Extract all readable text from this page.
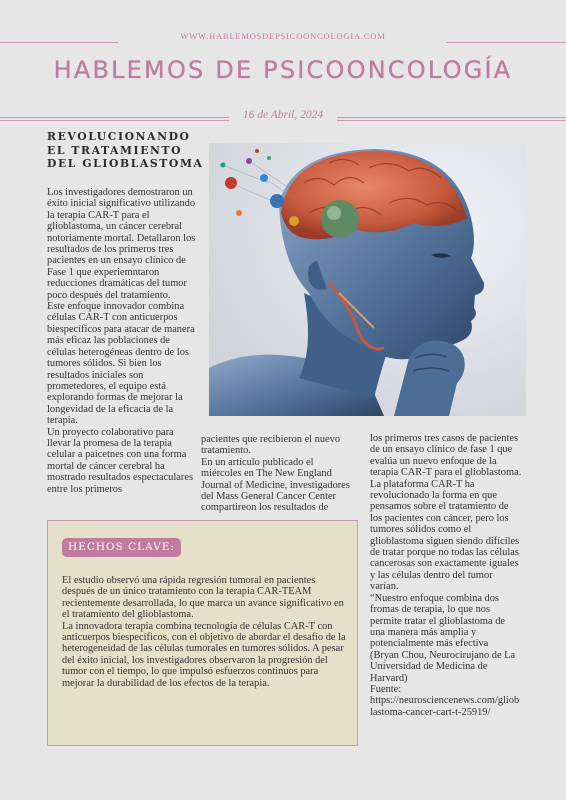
WWW.HABLEMOSDEPSICOONCOLOGIA.COM
HABLEMOS DE PSICOONCOLOGÍA
16 de Abril, 2024
REVOLUCIONANDO EL TRATAMIENTO DEL GLIOBLASTOMA

Los investigadores demostraron un éxito inicial significativo utilizando la terapia CAR-T para el glioblastoma, un cáncer cerebral notoriamente mortal. Detallaron los resultados de los primeros tres pacientes en un ensayo clínico de Fase 1 que experiemntaron reducciones dramáticas del tumor poco después del tratamiento.

Este enfoque innovador combina células CAR-T con anticuerpos biespecíficos para atacar de manera más eficaz las poblaciones de células heterogéneas dentro de los tumores sólidos. Si bien los resultados iniciales son prometedores, el equipo está explorando formas de mejorar la longevidad de la eficacia de la terapia.

Un proyecto colaborativo para llevar la promesa de la terapia celular a paicetnes con una forma mortal de cáncer cerebral ha mostrado resultados espectaculares entre los primeros

pacientes que recibieron el nuevo tratamiento.

En un artículo publicado el miércoles en The New England Journal of Medicine, investigadores del Mass General Cancer Center compartireon los resultados de

los primeros tres casos de pacientes de un ensayo clínico de fase 1 que evalúa un nuevo enfoque de la terapia CAR-T para el glioblastoma.

La plataforma CAR-T ha revolucionado la forma en que pensamos sobre el tratamiento de los pacientes con cáncer, pero los tumores sólidos como el glioblastoma siguen siendo difíciles de tratar porque no todas las células cancerosas son exactamente iguales y las células dentro del tumor varían.

“Nuestro enfoque combina dos fromas de terapia, lo que nos permite tratar el glioblastoma de una manera más amplia y potencialmente más efectiva

(Bryan Chou, Neurocirujano de La Universidad de Medicina de Harvard)

Fuente:

https://neurosciencenews.com/glioblastoma-cancer-cart-t-25919/

HECHOS CLAVE:

El estudio observó una rápida regresión tumoral en pacientes después de un único tratamiento con la terapia CAR-TEAM recientemente desarrollada, lo que marca un avance significativo en el tratamiento del glioblastoma.

La innovadora terapia combina tecnología de células CAR-T con anticuerpos biespecíficos, con el objetivo de abordar el desafío de la heterogeneidad de las células tumorales en tumores sólidos. A pesar del éxito inicial, los investigadores observaron la progresión del tumor con el tiempo, lo que impulsó esfuerzos continuos para mejorar la durabilidad de los efectos de la terapia.
